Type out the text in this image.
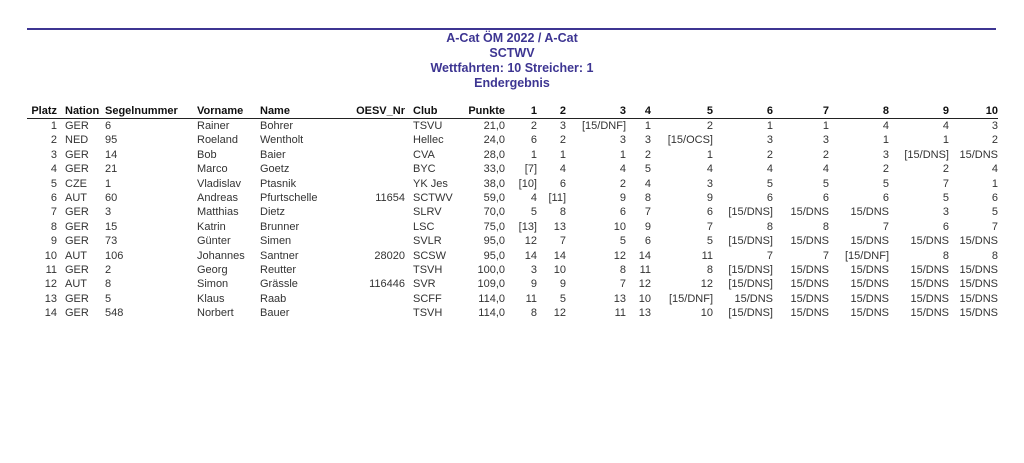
A-Cat ÖM 2022 / A-Cat
SCTWV
Wettfahrten: 10 Streicher: 1
Endergebnis
Platz	Nation	Segelnummer	Vorname	Name	OESV_Nr	Club	Punkte	1	2	3	4	5	6	7	8	9	10
1	GER	6	Rainer	Bohrer		TSVU	21,0	2	3	[15/DNF]	1	2	1	1	4	4	3
2	NED	95	Roeland	Wentholt		Hellec	24,0	6	2	3	3	[15/OCS]	3	3	1	1	2
3	GER	14	Bob	Baier		CVA	28,0	1	1	1	2	1	2	2	3	[15/DNS]	15/DNS
4	GER	21	Marco	Goetz		BYC	33,0	[7]	4	4	5	4	4	4	2	2	4
5	CZE	1	Vladislav	Ptasnik		YK Jes	38,0	[10]	6	2	4	3	5	5	5	7	1
6	AUT	60	Andreas	Pfurtschelle	11654	SCTWV	59,0	4	[11]	9	8	9	6	6	6	5	6
7	GER	3	Matthias	Dietz		SLRV	70,0	5	8	6	7	6	[15/DNS]	15/DNS	15/DNS	3	5
8	GER	15	Katrin	Brunner		LSC	75,0	[13]	13	10	9	7	8	8	7	6	7
9	GER	73	Günter	Simen		SVLR	95,0	12	7	5	6	5	[15/DNS]	15/DNS	15/DNS	15/DNS	15/DNS
10	AUT	106	Johannes	Santner	28020	SCSW	95,0	14	14	12	14	11	7	7	[15/DNF]	8	8
11	GER	2	Georg	Reutter		TSVH	100,0	3	10	8	11	8	[15/DNS]	15/DNS	15/DNS	15/DNS	15/DNS
12	AUT	8	Simon	Grässle	116446	SVR	109,0	9	9	7	12	12	[15/DNS]	15/DNS	15/DNS	15/DNS	15/DNS
13	GER	5	Klaus	Raab		SCFF	114,0	11	5	13	10	[15/DNF]	15/DNS	15/DNS	15/DNS	15/DNS	15/DNS
14	GER	548	Norbert	Bauer		TSVH	114,0	8	12	11	13	10	[15/DNS]	15/DNS	15/DNS	15/DNS	15/DNS
